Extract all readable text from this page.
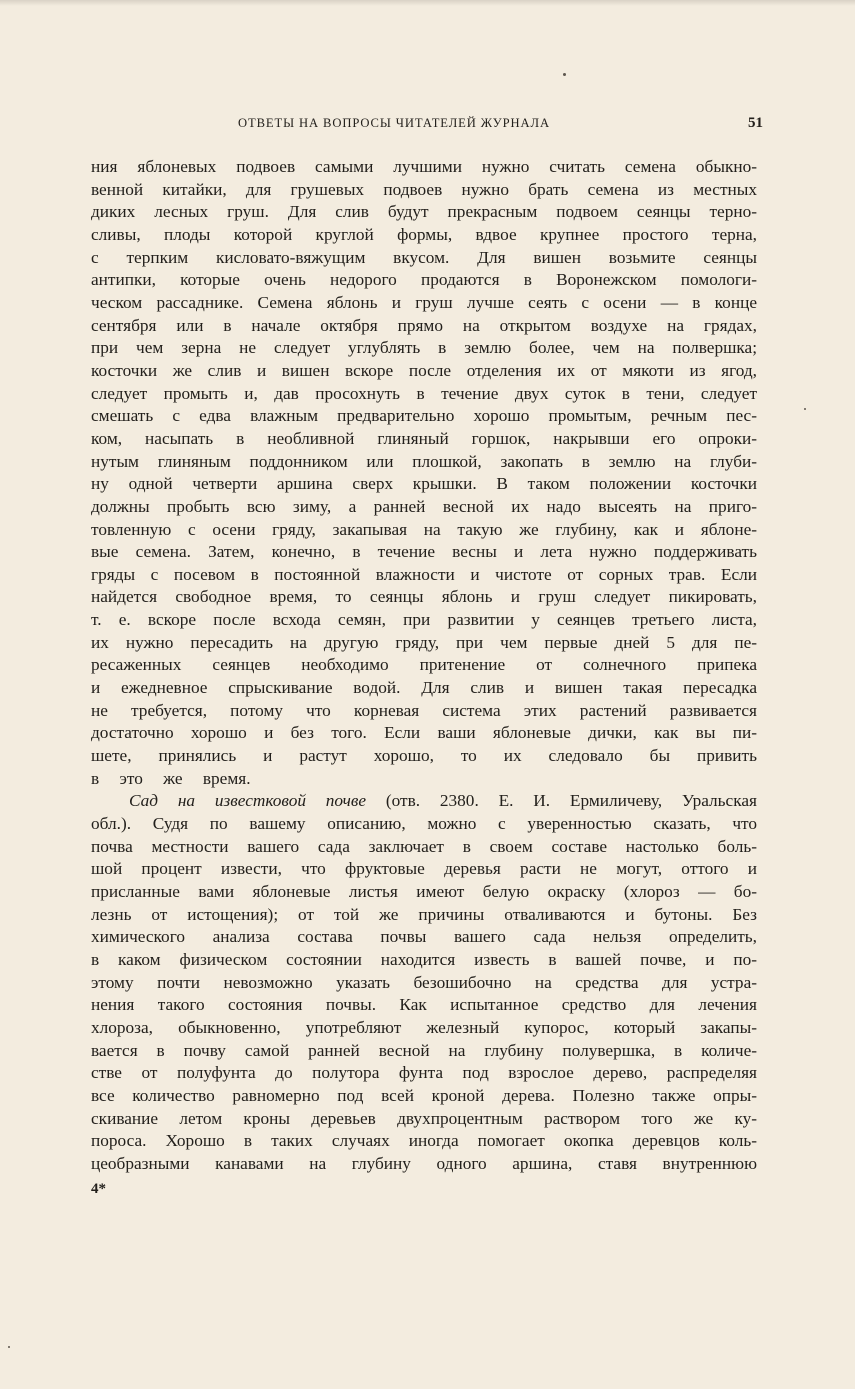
ОТВЕТЫ НА ВОПРОСЫ ЧИТАТЕЛЕЙ ЖУРНАЛА	51
ния яблоневых подвоев самыми лучшими нужно считать семена обыкно-
венной китайки, для грушевых подвоев нужно брать семена из местных
диких лесных груш. Для слив будут прекрасным подвоем сеянцы терно-
сливы, плоды которой круглой формы, вдвое крупнее простого терна,
с терпким кисловато-вяжущим вкусом. Для вишен возьмите сеянцы
антипки, которые очень недорого продаются в Воронежском помологи-
ческом рассаднике. Семена яблонь и груш лучше сеять с осени — в конце
сентября или в начале октября прямо на открытом воздухе на грядах,
при чем зерна не следует углублять в землю более, чем на полвершка;
косточки же слив и вишен вскоре после отделения их от мякоти из ягод,
следует промыть и, дав просохнуть в течение двух суток в тени, следует
смешать с едва влажным предварительно хорошо промытым, речным пес-
ком, насыпать в необливной глиняный горшок, накрывши его опроки-
нутым глиняным поддонником или плошкой, закопать в землю на глуби-
ну одной четверти аршина сверх крышки. В таком положении косточки
должны пробыть всю зиму, а ранней весной их надо высеять на приго-
товленную с осени гряду, закапывая на такую же глубину, как и яблоне-
вые семена. Затем, конечно, в течение весны и лета нужно поддерживать
гряды с посевом в постоянной влажности и чистоте от сорных трав. Если
найдется свободное время, то сеянцы яблонь и груш следует пикировать,
т. е. вскоре после всхода семян, при развитии у сеянцев третьего листа,
их нужно пересадить на другую гряду, при чем первые дней 5 для пе-
ресаженных сеянцев необходимо притенение от солнечного припека
и ежедневное спрыскивание водой. Для слив и вишен такая пересадка
не требуется, потому что корневая система этих растений развивается
достаточно хорошо и без того. Если ваши яблоневые дички, как вы пи-
шете, принялись и растут хорошо, то их следовало бы привить
в это же время.
Сад на известковой почве (отв. 2380. Е. И. Ермиличеву, Уральская
обл.). Судя по вашему описанию, можно с уверенностью сказать, что
почва местности вашего сада заключает в своем составе настолько боль-
шой процент извести, что фруктовые деревья расти не могут, оттого и
присланные вами яблоневые листья имеют белую окраску (хлороз — бо-
лезнь от истощения); от той же причины отваливаются и бутоны. Без
химического анализа состава почвы вашего сада нельзя определить,
в каком физическом состоянии находится известь в вашей почве, и по-
этому почти невозможно указать безошибочно на средства для устра-
нения такого состояния почвы. Как испытанное средство для лечения
хлороза, обыкновенно, употребляют железный купорос, который закапы-
вается в почву самой ранней весной на глубину полувершка, в количе-
стве от полуфунта до полутора фунта под взрослое дерево, распределяя
все количество равномерно под всей кроной дерева. Полезно также опры-
скивание летом кроны деревьев двухпроцентным раствором того же ку-
пороса. Хорошо в таких случаях иногда помогает окопка деревцов коль-
цеобразными канавами на глубину одного аршина, ставя внутреннюю
4*
